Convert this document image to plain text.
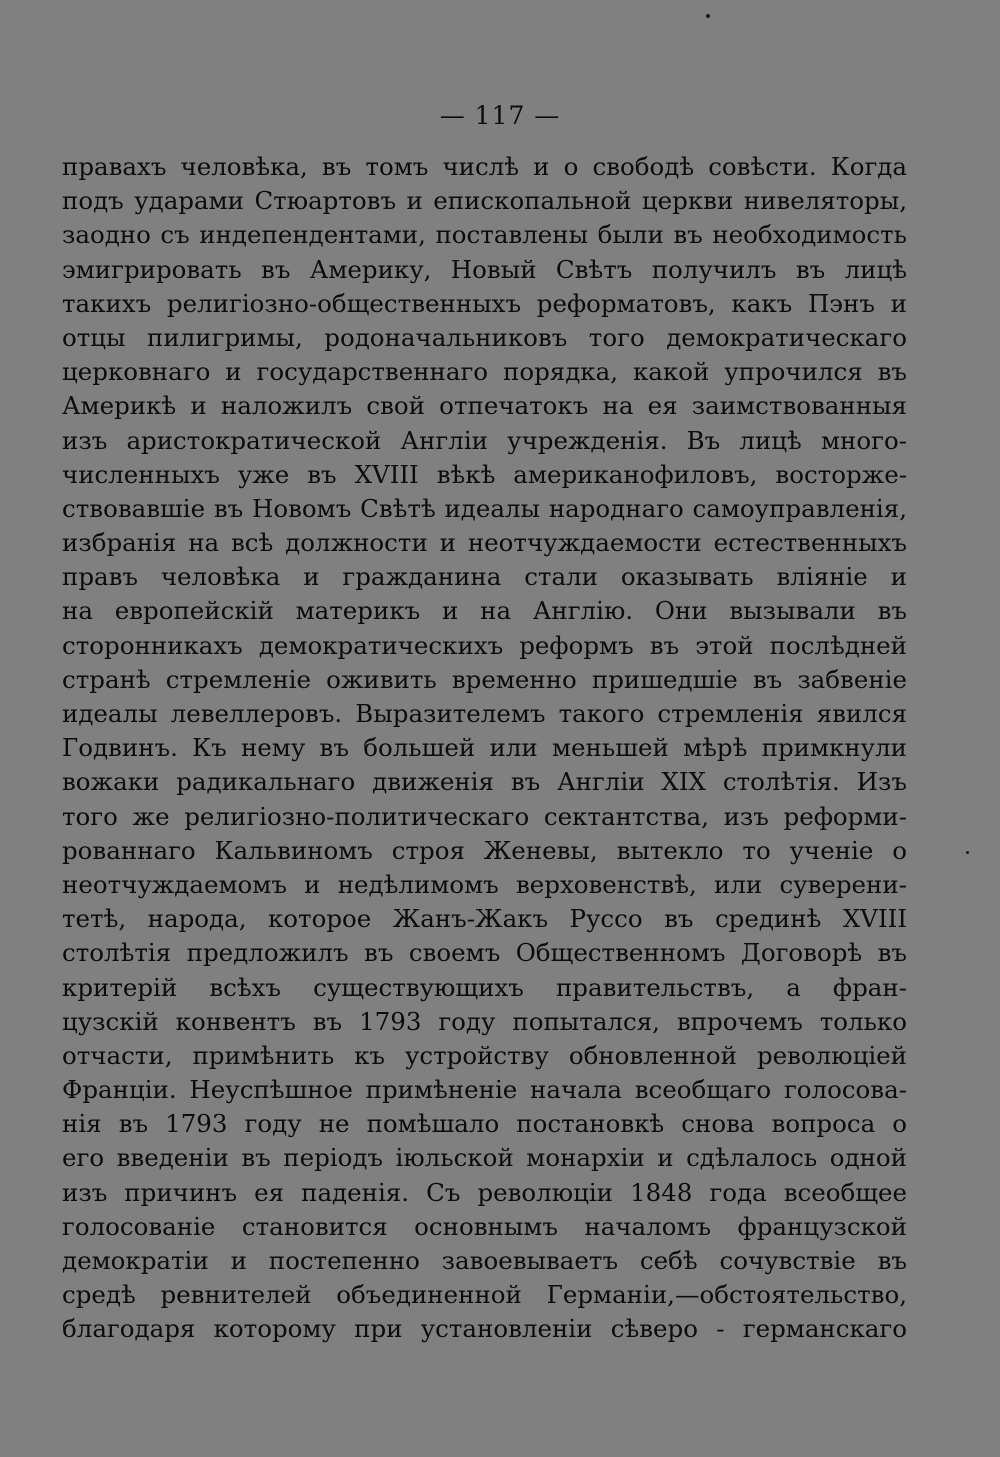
— 117 —
правахъ человѣка, въ томъ числѣ и о свободѣ совѣсти. Когда
подъ ударами Стюартовъ и епископальной церкви нивеляторы,
заодно съ индепендентами, поставлены были въ необходимость
эмигрировать въ Америку, Новый Свѣтъ получилъ въ лицѣ
такихъ религіозно-общественныхъ реформатовъ, какъ Пэнъ и
отцы пилигримы, родоначальниковъ того демократическаго
церковнаго и государственнаго порядка, какой упрочился въ
Америкѣ и наложилъ свой отпечатокъ на ея заимствованныя
изъ аристократической Англіи учрежденія. Въ лицѣ много-
численныхъ уже въ XVIII вѣкѣ американофиловъ, восторже-
ствовавшіе въ Новомъ Свѣтѣ идеалы народнаго самоуправленія,
избранія на всѣ должности и неотчуждаемости естественныхъ
правъ человѣка и гражданина стали оказывать вліяніе и
на европейскій материкъ и на Англію. Они вызывали въ
сторонникахъ демократическихъ реформъ въ этой послѣдней
странѣ стремленіе оживить временно пришедшіе въ забвеніе
идеалы левеллеровъ. Выразителемъ такого стремленія явился
Годвинъ. Къ нему въ большей или меньшей мѣрѣ примкнули
вожаки радикальнаго движенія въ Англіи XIX столѣтія. Изъ
того же религіозно-политическаго сектантства, изъ реформи-
рованнаго Кальвиномъ строя Женевы, вытекло то ученіе о
неотчуждаемомъ и недѣлимомъ верховенствѣ, или суверени-
тетѣ, народа, которое Жанъ-Жакъ Руссо въ срединѣ XVIII
столѣтія предложилъ въ своемъ Общественномъ Договорѣ въ
критерій всѣхъ существующихъ правительствъ, а фран-
цузскій конвентъ въ 1793 году попытался, впрочемъ только
отчасти, примѣнить къ устройству обновленной революціей
Франціи. Неуспѣшное примѣненіе начала всеобщаго голосова-
нія въ 1793 году не помѣшало постановкѣ снова вопроса о
его введеніи въ періодъ іюльской монархіи и сдѣлалось одной
изъ причинъ ея паденія. Съ революціи 1848 года всеобщее
голосованіе становится основнымъ началомъ французской
демократіи и постепенно завоевываетъ себѣ сочувствіе въ
средѣ ревнителей объединенной Германіи,—обстоятельство,
благодаря которому при установленіи сѣверо - германскаго
